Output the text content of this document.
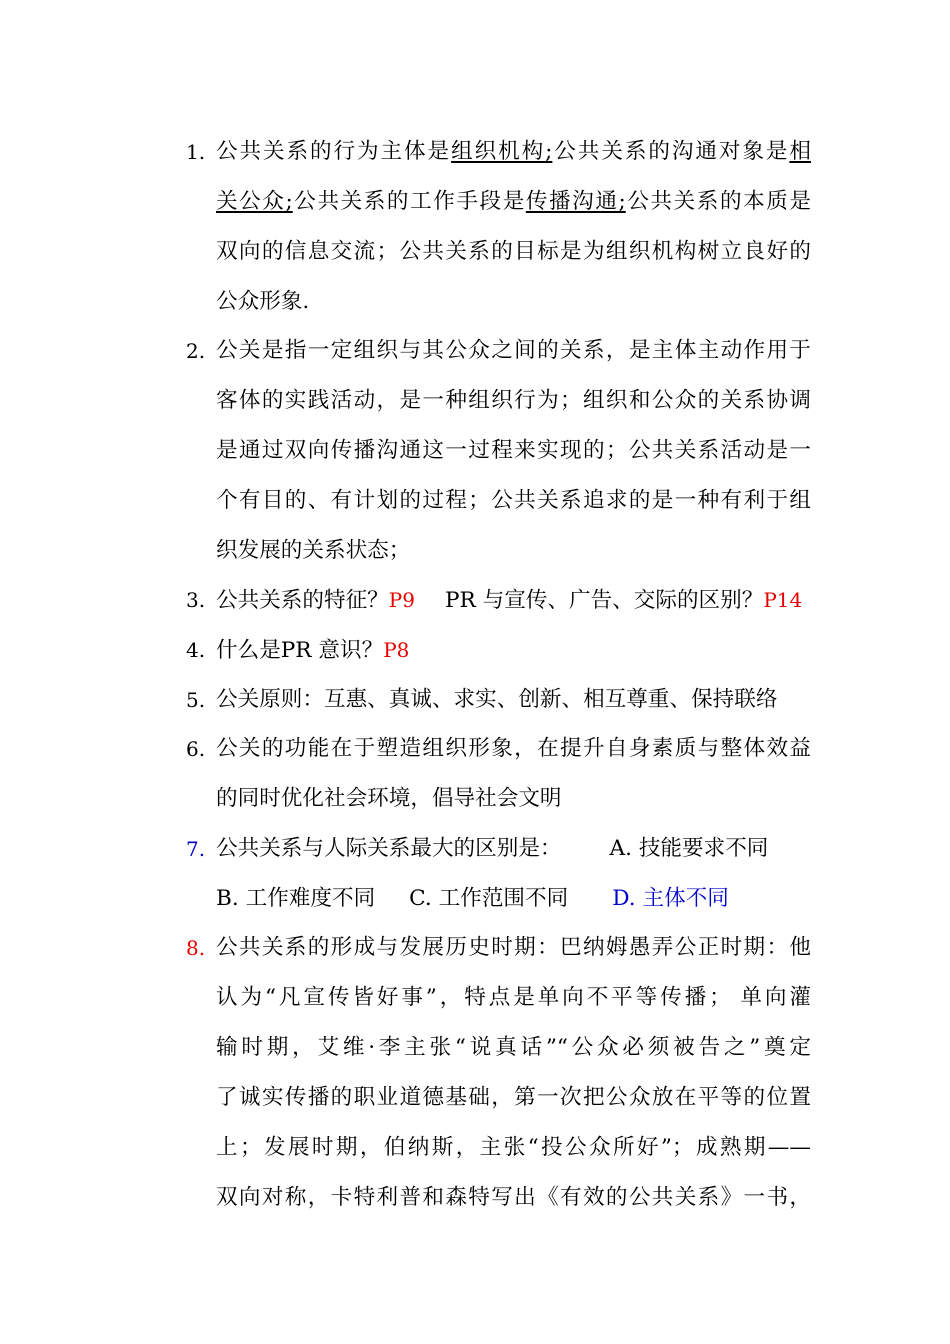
1. 公共关系的行为主体是组织机构;公共关系的沟通对象是相
关公众;公共关系的工作手段是传播沟通;公共关系的本质是
双向的信息交流；公共关系的目标是为组织机构树立良好的
公众形象.
2. 公关是指一定组织与其公众之间的关系，是主体主动作用于
客体的实践活动，是一种组织行为；组织和公众的关系协调
是通过双向传播沟通这一过程来实现的；公共关系活动是一
个有目的、有计划的过程；公共关系追求的是一种有利于组
织发展的关系状态；
3. 公共关系的特征？P9 PR 与宣传、广告、交际的区别？P14
4. 什么是PR 意识？P8
5. 公关原则：互惠、真诚、求实、创新、相互尊重、保持联络
6. 公关的功能在于塑造组织形象，在提升自身素质与整体效益
的同时优化社会环境，倡导社会文明
7. 公共关系与人际关系最大的区别是： A. 技能要求不同
B. 工作难度不同 C. 工作范围不同 D. 主体不同
8. 公共关系的形成与发展历史时期：巴纳姆愚弄公正时期：他
认为“凡宣传皆好事”，特点是单向不平等传播； 单向灌
输时期，艾维·李主张“说真话”“公众必须被告之”奠定
了诚实传播的职业道德基础，第一次把公众放在平等的位置
上；发展时期，伯纳斯，主张“投公众所好”；成熟期——
双向对称，卡特利普和森特写出《有效的公共关系》一书，
